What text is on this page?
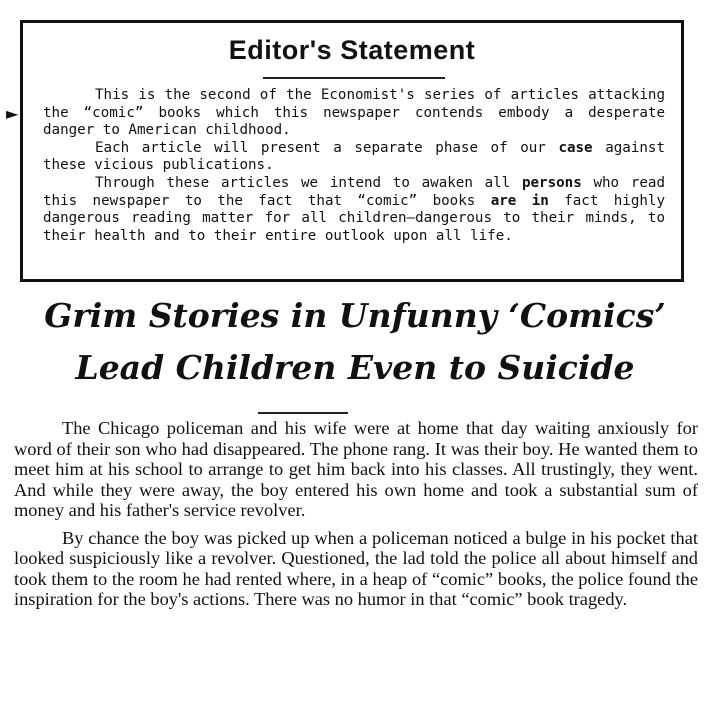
Editor's Statement

This is the second of the Economist's series of articles attacking the “comic” books which this newspaper contends embody a desperate danger to American childhood.

Each article will present a separate phase of our case against these vicious publications.

Through these articles we intend to awaken all persons who read this newspaper to the fact that “comic” books are in fact highly dangerous reading matter for all children—dangerous to their minds, to their health and to their entire outlook upon all life.

►
Grim Stories in Unfunny ‘Comics’
Lead Children Even to Suicide

The Chicago policeman and his wife were at home that day waiting anxiously for word of their son who had disappeared. The phone rang. It was their boy. He wanted them to meet him at his school to arrange to get him back into his classes. All trustingly, they went. And while they were away, the boy entered his own home and took a substantial sum of money and his father's service revolver.

By chance the boy was picked up when a policeman noticed a bulge in his pocket that looked suspiciously like a revolver. Questioned, the lad told the police all about himself and took them to the room he had rented where, in a heap of “comic” books, the police found the inspiration for the boy's actions. There was no humor in that “comic” book tragedy.
